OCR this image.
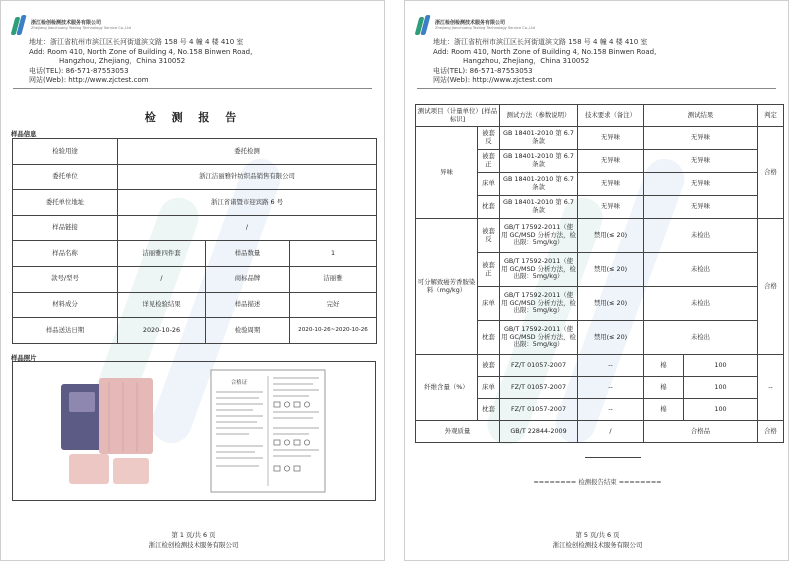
浙江检创检测技术服务有限公司
Zhejiang Jianchuang Testing Technology Service Co.,Ltd
地址：浙江省杭州市滨江区长河街道滨文路 158 号 4 幢 4 楼 410 室
Add: Room 410, North Zone of Building 4, No.158 Binwen Road,
Hangzhou, Zhejiang，China 310052
电话(TEL): 86-571-87553053
网站(Web): http://www.zjctest.com
检 测 报 告
样品信息
检验用途	委托检测		
委托单位	浙江洁丽雅针纺织品销售有限公司		
委托单位地址	浙江省诸暨市迎宾路 6 号		
样品链接	/		
样品名称	洁丽雅四件套	样品数量	1
款号/型号	/	商标品牌	洁丽雅
材料成分	详见检验结果	样品描述	完好
样品送达日期	2020-10-26	检验周期	2020-10-26~2020-10-26
样品照片
合格证
第 1 页/共 6 页
浙江检创检测技术服务有限公司
浙江检创检测技术服务有限公司
Zhejiang Jianchuang Testing Technology Service Co.,Ltd
地址：浙江省杭州市滨江区长河街道滨文路 158 号 4 幢 4 楼 410 室
Add: Room 410, North Zone of Building 4, No.158 Binwen Road,
Hangzhou, Zhejiang，China 310052
电话(TEL): 86-571-87553053
网站(Web): http://www.zjctest.com
测试项目（计量单位）[样品标识]		测试方法（参数说明）	技术要求（备注）	测试结果		判定
异味	被套反	GB 18401-2010 第 6.7 条款	无异味	无异味		合格
	被套正	GB 18401-2010 第 6.7 条款	无异味	无异味		
	床单	GB 18401-2010 第 6.7 条款	无异味	无异味		
	枕套	GB 18401-2010 第 6.7 条款	无异味	无异味		
可分解致癌芳香胺染料（mg/kg）	被套反	GB/T 17592-2011（使用 GC/MSD 分析方法，检出限：5mg/kg）	禁用(≤ 20)	未检出		合格
	被套正	GB/T 17592-2011（使用 GC/MSD 分析方法，检出限：5mg/kg）	禁用(≤ 20)	未检出		
	床单	GB/T 17592-2011（使用 GC/MSD 分析方法，检出限：5mg/kg）	禁用(≤ 20)	未检出		
	枕套	GB/T 17592-2011（使用 GC/MSD 分析方法，检出限：5mg/kg）	禁用(≤ 20)	未检出		
纤维含量（%）	被套	FZ/T 01057-2007	--	棉	100	--
	床单	FZ/T 01057-2007	--	棉	100	
	枕套	FZ/T 01057-2007	--	棉	100	
外观质量		GB/T 22844-2009	/	合格品		合格
======== 检测报告结束 ========
第 5 页/共 6 页
浙江检创检测技术服务有限公司
